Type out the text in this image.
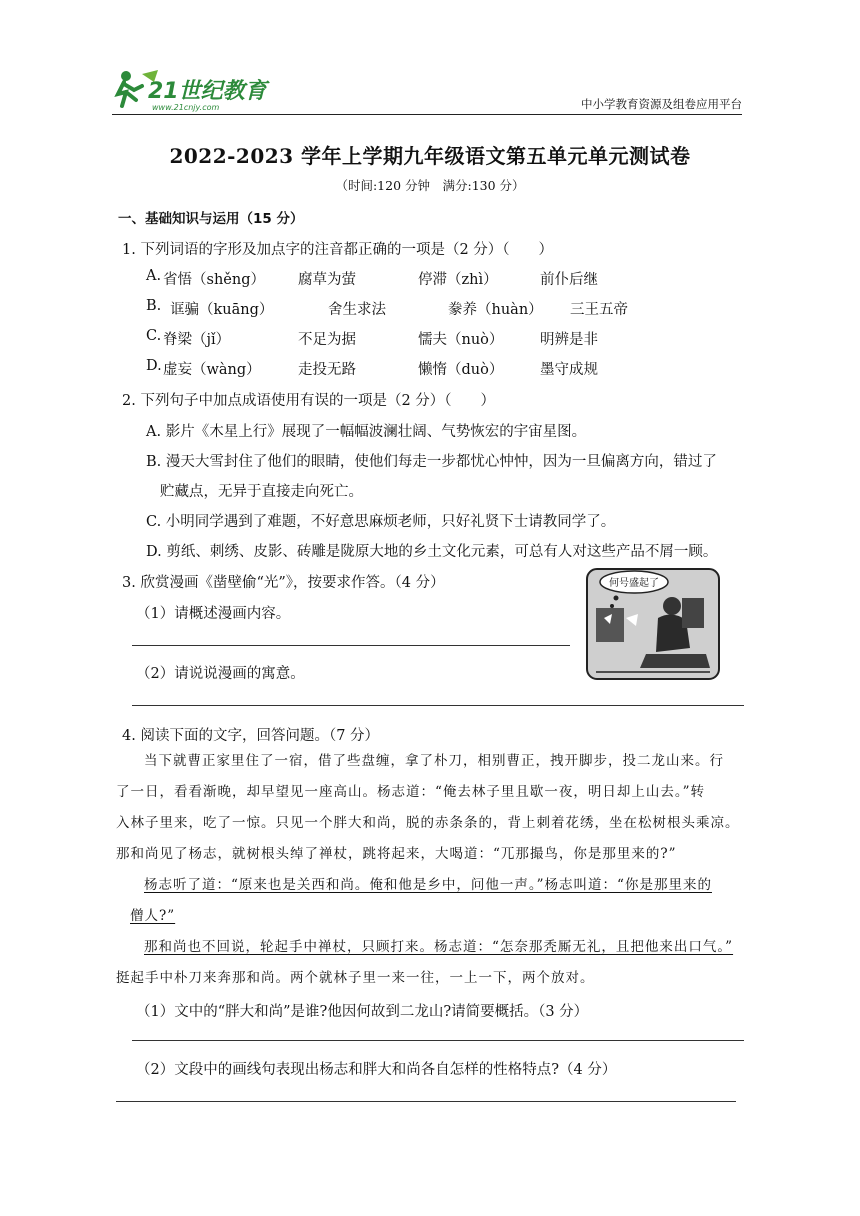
21世纪教育
www.21cnjy.com	中小学教育资源及组卷应用平台
2022-2023 学年上学期九年级语文第五单元单元测试卷
（时间:120 分钟　满分:130 分）
一、基础知识与运用（15 分）
1. 下列词语的字形及加点字的注音都正确的一项是（2 分）（　　）
A. 省悟（shěng） 腐草为萤	停滞（zhì）	前仆后继
B. 诓骗（kuāng）	舍生求法	豢养（huàn） 三王五帝
C. 脊梁（jǐ）	不足为据	懦夫（nuò）	明辨是非
D. 虚妄（wàng）	走投无路	懒惰（duò）	墨守成规
2. 下列句子中加点成语使用有误的一项是（2 分）（　　）
A. 影片《木星上行》展现了一幅幅波澜壮阔、气势恢宏的宇宙星图。
B. 漫天大雪封住了他们的眼睛，使他们每走一步都忧心忡忡，因为一旦偏离方向，错过了
贮藏点，无异于直接走向死亡。
C. 小明同学遇到了难题，不好意思麻烦老师，只好礼贤下士请教同学了。
D. 剪纸、刺绣、皮影、砖雕是陇原大地的乡土文化元素，可总有人对这些产品不屑一顾。
3. 欣赏漫画《凿壁偷“光”》，按要求作答。（4 分）
（1）请概述漫画内容。
（2）请说说漫画的寓意。
何号盛起了
4. 阅读下面的文字，回答问题。（7 分）
当下就曹正家里住了一宿，借了些盘缠，拿了朴刀，相别曹正，拽开脚步，投二龙山来。行
了一日，看看渐晚，却早望见一座高山。杨志道：“俺去林子里且歇一夜，明日却上山去。”转
入林子里来，吃了一惊。只见一个胖大和尚，脱的赤条条的，背上刺着花绣，坐在松树根头乘凉。
那和尚见了杨志，就树根头绰了禅杖，跳将起来，大喝道：“兀那撮鸟，你是那里来的?”
杨志听了道：“原来也是关西和尚。俺和他是乡中，问他一声。”杨志叫道：“你是那里来的
僧人?”
那和尚也不回说，轮起手中禅杖，只顾打来。杨志道：“怎奈那秃厮无礼，且把他来出口气。”
挺起手中朴刀来奔那和尚。两个就林子里一来一往，一上一下，两个放对。
（1）文中的“胖大和尚”是谁?他因何故到二龙山?请简要概括。（3 分）
（2）文段中的画线句表现出杨志和胖大和尚各自怎样的性格特点?（4 分）
